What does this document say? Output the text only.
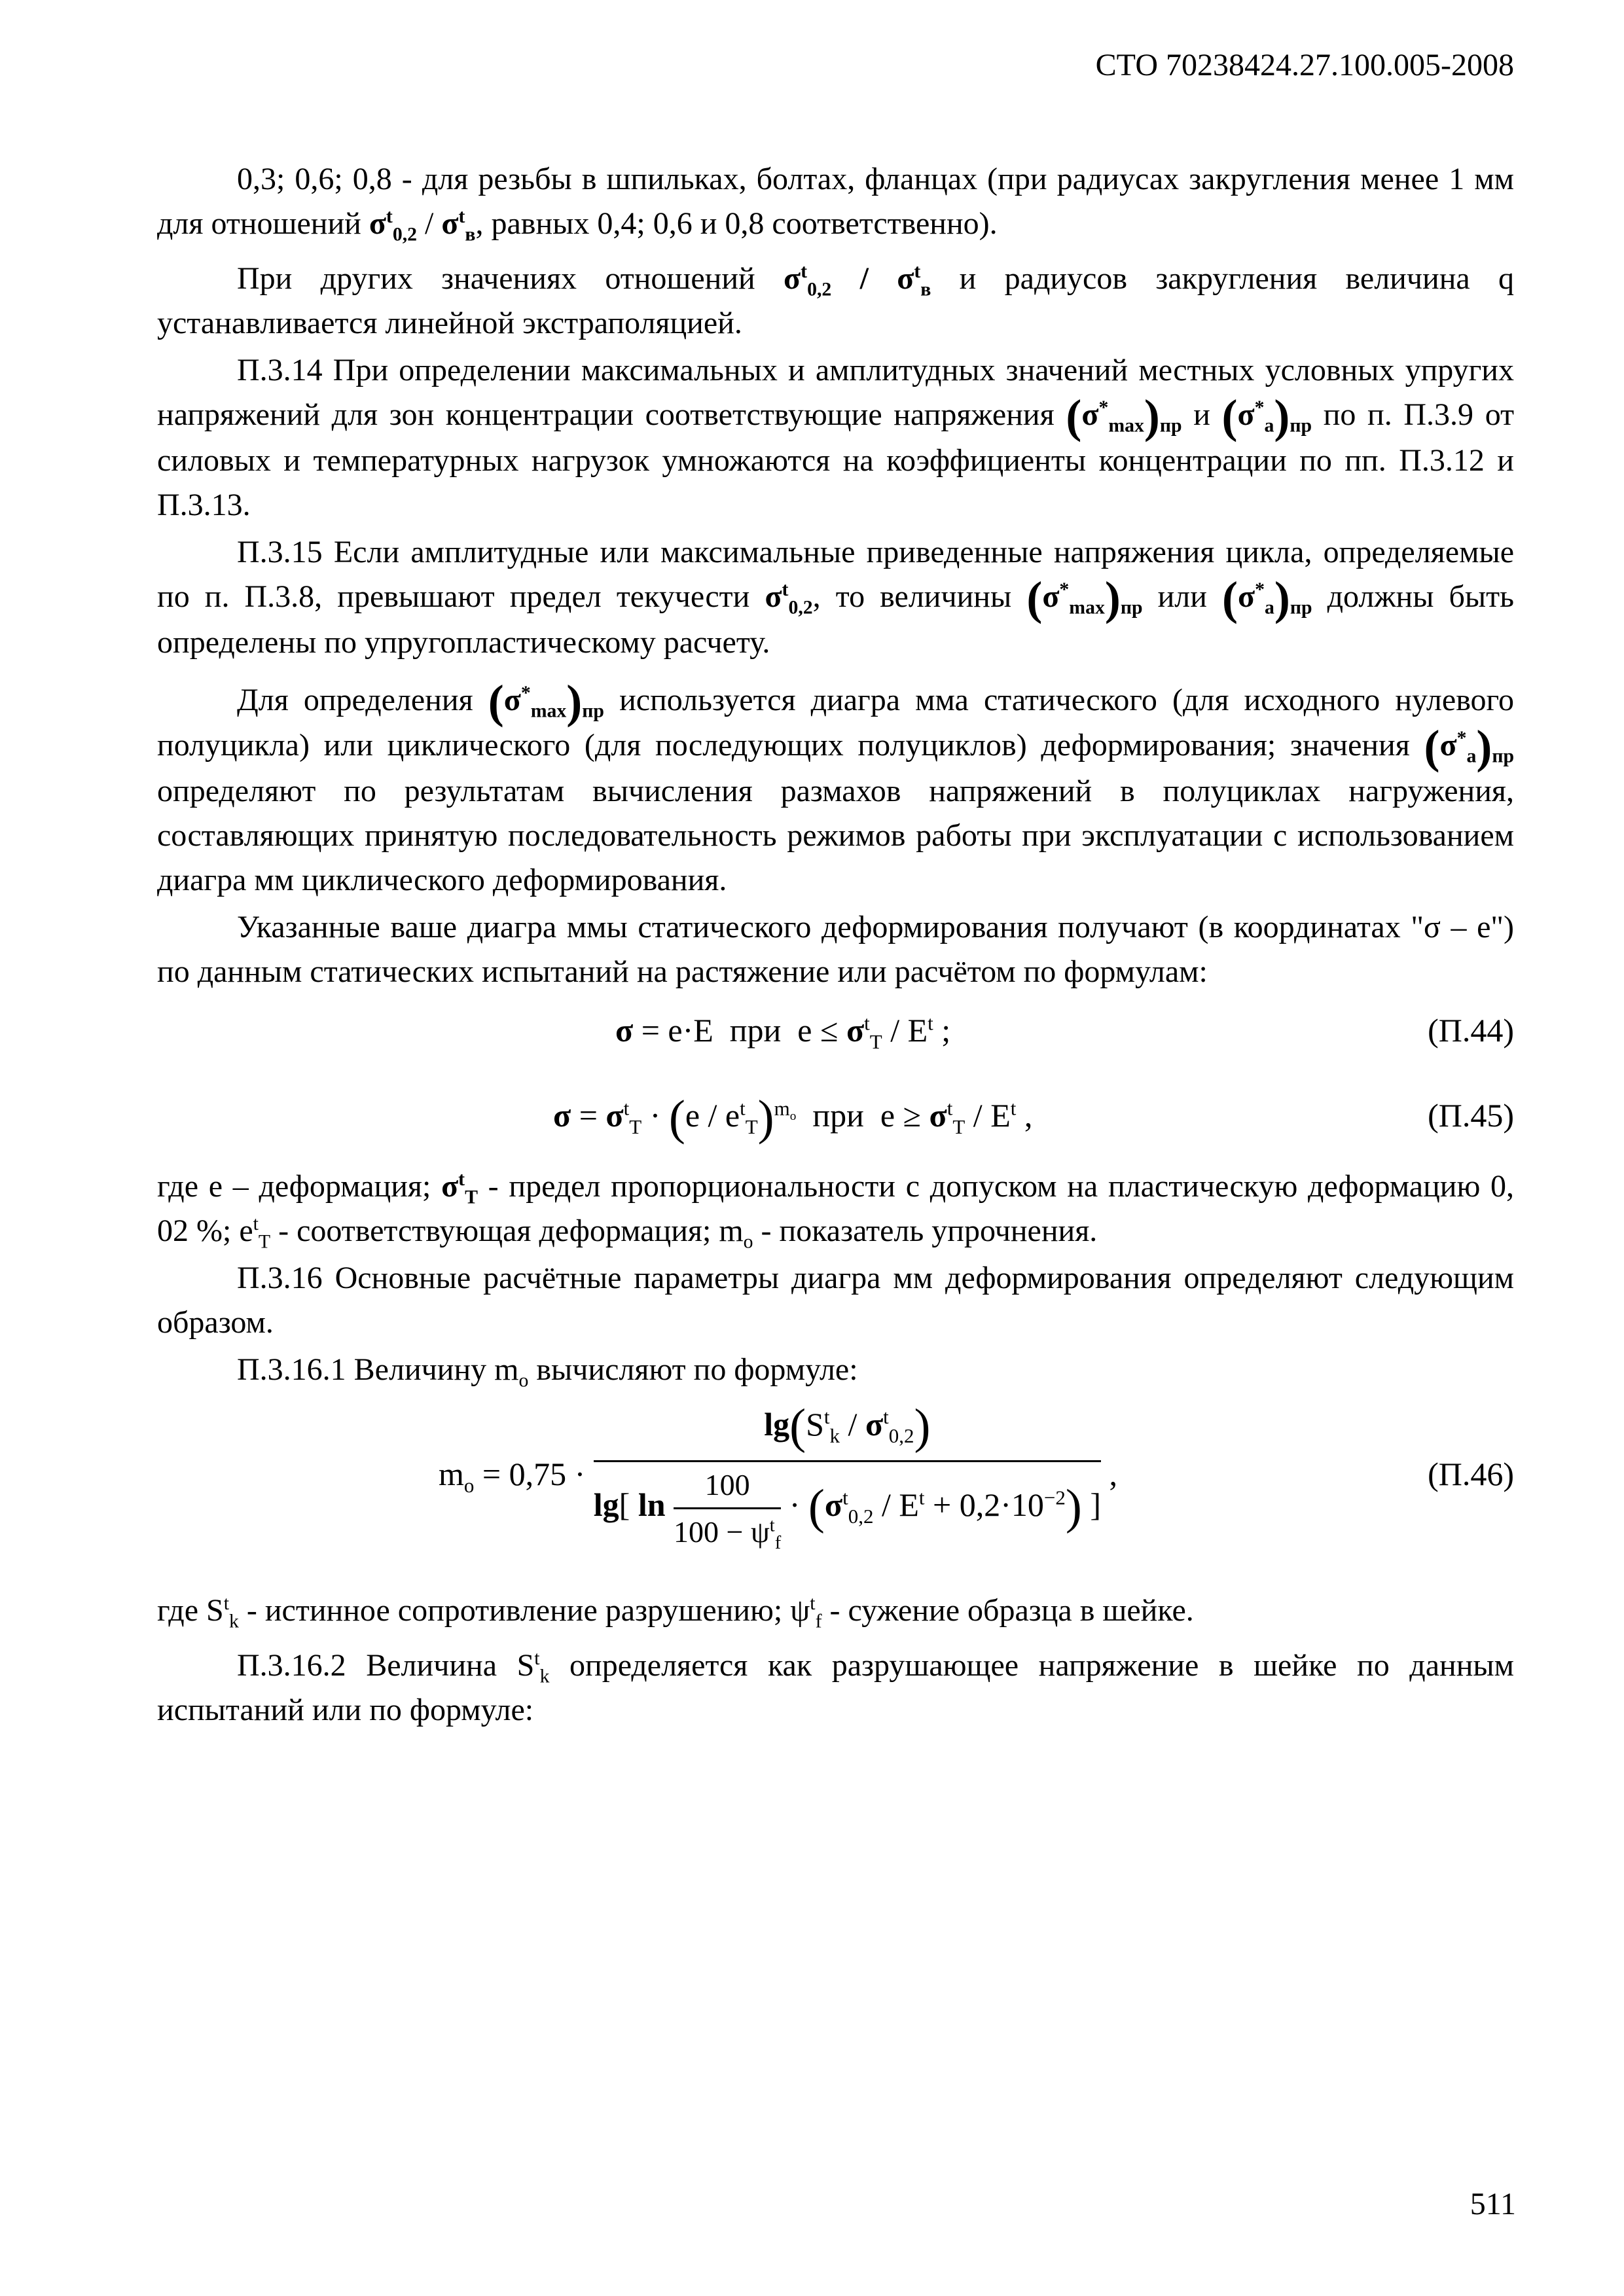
СТО 70238424.27.100.005-2008

0,3; 0,6; 0,8 - для резьбы в шпильках, болтах, фланцах (при радиусах закругления менее 1 мм для отношений $\sigma^t_{0,2} / \sigma^t_в$, равных 0,4; 0,6 и 0,8 соответственно).

При других значениях отношений $\sigma^t_{0,2} / \sigma^t_в$ и радиусов закругления величина q устанавливается линейной экстраполяцией.

П.3.14 При определении максимальных и амплитудных значений местных условных упругих напряжений для зон концентрации соответствующие напряжения $(\sigma^*_{max})_{пр}$ и $(\sigma^*_a)_{пр}$ по п. П.3.9 от силовых и температурных нагрузок умножаются на коэффициенты концентрации по пп. П.3.12 и П.3.13.

П.3.15 Если амплитудные или максимальные приведенные напряжения цикла, определяемые по п. П.3.8, превышают предел текучести $\sigma^t_{0,2}$, то величины $(\sigma^*_{max})_{пр}$ или $(\sigma^*_a)_{пр}$ должны быть определены по упругопластическому расчету.

Для определения $(\sigma^*_{max})_{пр}$ используется диагра мма статического (для исходного нулевого полуцикла) или циклического (для последующих полуциклов) деформирования; значения $(\sigma^*_a)_{пр}$ определяют по результатам вычисления размахов напряжений в полуциклах нагружения, составляющих принятую последовательность режимов работы при эксплуатации с использованием диагра мм циклического деформирования.

Указанные ваше диагра ммы статического деформирования получают (в координатах "σ – e") по данным статических испытаний на растяжение или расчётом по формулам:

σ = e·E  при  $e \le \sigma^t_T / E^t$ ;	(П.44)
$\sigma = \sigma^t_T \cdot (e / e^t_T)^{m_o}$  при  $e \ge \sigma^t_T / E^t$ ,	(П.45)

где e – деформация; $\sigma^t_T$ - предел пропорциональности с допуском на пластическую деформацию 0, 02 %; $e^t_T$ - соответствующая деформация; $m_o$ - показатель упрочнения.

П.3.16 Основные расчётные параметры диагра мм деформирования определяют следующим образом.

П.3.16.1 Величину $m_o$ вычисляют по формуле:

$m_o = 0,75$ ·
$\lg(S^t_k / \sigma^t_{0,2})$
lg[ $\ln \frac{100}{100 - \psi^t_f} \cdot (\sigma^t_{0,2} / E^t + 0,2\cdot 10^{-2})$ ]
,	(П.46)

где $S^t_k$ - истинное сопротивление разрушению; $\psi^t_f$ - сужение образца в шейке.

П.3.16.2 Величина $S^t_k$ определяется как разрушающее напряжение в шейке по данным испытаний или по формуле:

511
